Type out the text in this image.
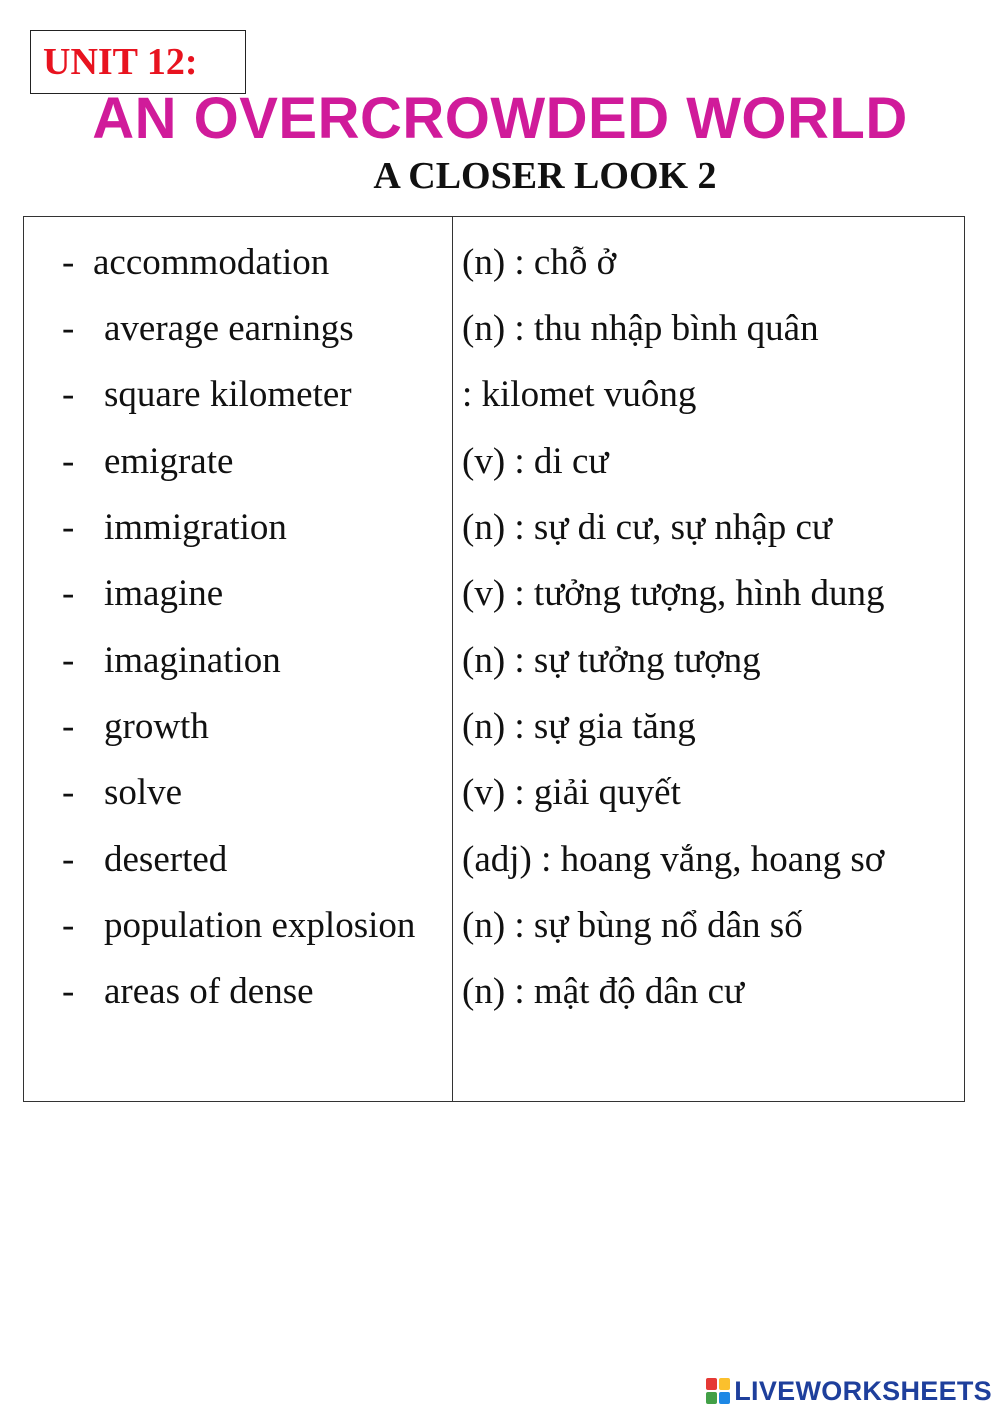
UNIT 12:
AN OVERCROWDED WORLD
A CLOSER LOOK 2
- accommodation	(n) : chỗ ở
- average earnings	(n) : thu nhập bình quân
- square kilometer	: kilomet vuông
- emigrate	(v) : di cư
- immigration	(n) : sự di cư, sự nhập cư
- imagine	(v) : tưởng tượng, hình dung
- imagination	(n) : sự tưởng tượng
- growth	(n) : sự gia tăng
- solve	(v) : giải quyết
- deserted	(adj) : hoang vắng, hoang sơ
- population explosion (n) : sự bùng nổ dân số
- areas of dense	(n) : mật độ dân cư
LIVEWORKSHEETS
